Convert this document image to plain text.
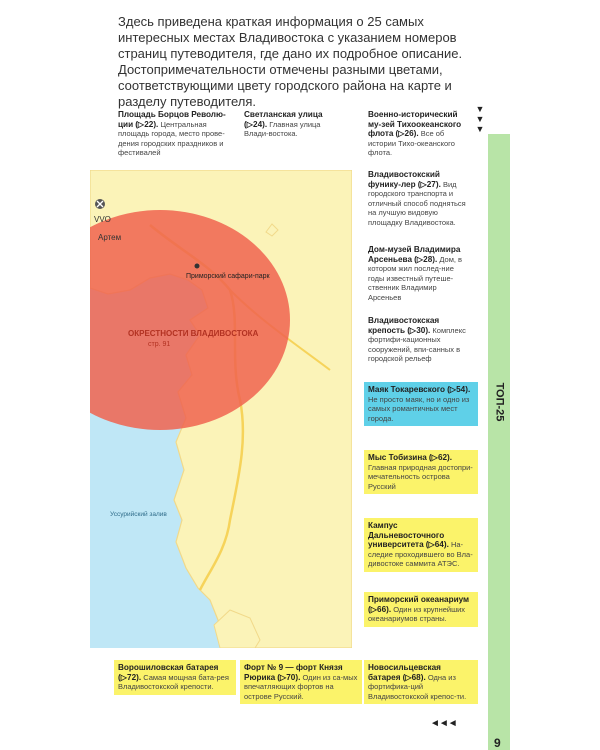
Здесь приведена краткая информация о 25 самых интересных местах Владивостока с указанием номеров страниц путеводителя, где дано их подробное описание. Достопримечательности отмечены разными цветами, соответствующими цвету городского района на карте и разделу путеводителя.	▼
▼
▼
Площадь Борцов Револю-ции (▷22). Центральная площадь города, место прове-дения городских праздников и фестивалей
Светланская улица (▷24). Главная улица Влади-востока.
Военно-исторический му-зей Тихоокеанского флота (▷26). Все об истории Тихо-океанского флота.
Владивостокский фунику-лер (▷27). Вид городского транспорта и отличный способ подняться на лучшую видовую площадку Владивостока.
Дом-музей Владимира Арсеньева (▷28). Дом, в котором жил послед-ние годы известный путеше-ственник Владимир Арсеньев
Владивостокская крепость (▷30). Комплекс фортифи-кационных сооружений, впи-санных в городской рельеф
Маяк Токаревского (▷54). Не просто маяк, но и одно из самых романтичных мест города.
Мыс Тобизина (▷62). Главная природная достопри-мечательность острова Русский
Кампус Дальневосточного университета (▷64). На-следие проходившего во Вла-дивостоке саммита АТЭС.
Приморский океанариум (▷66). Один из крупнейших океанариумов страны.
Ворошиловская батарея (▷72). Самая мощная бата-рея Владивостокской крепости.
Форт № 9 — форт Князя Рюрика (▷70). Один из са-мых впечатляющих фортов на острове Русский.
Новосильцевская батарея (▷68). Одна из фортифика-ций Владивостокской крепос-ти.
VVO
Артем
Приморский сафари-парк
ОКРЕСТНОСТИ ВЛАДИВОСТОКА
стр. 91
Уссурийский залив
ТОП-25
◄◄◄
9
